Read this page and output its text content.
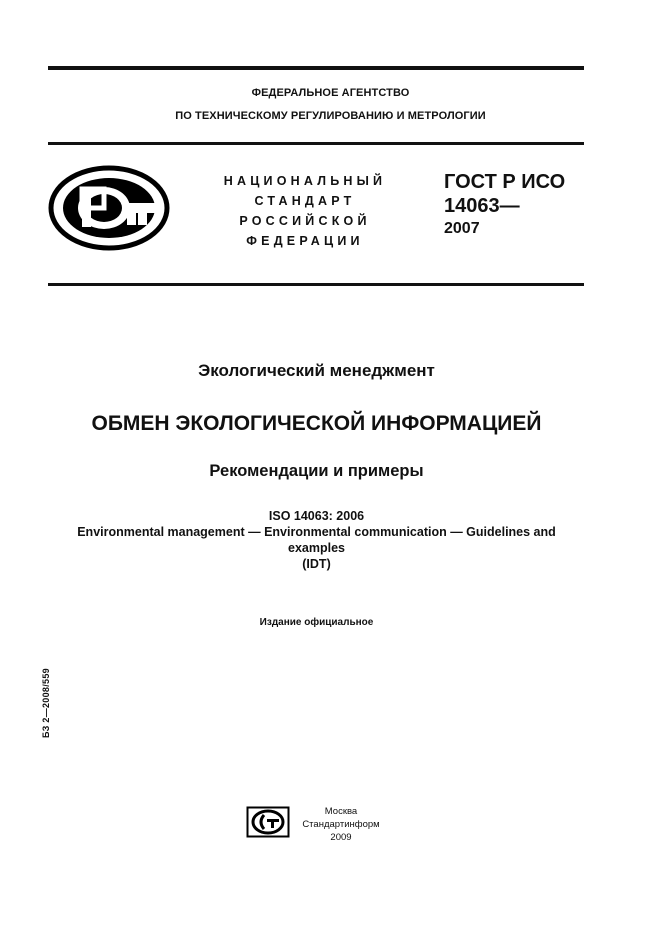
ФЕДЕРАЛЬНОЕ АГЕНТСТВО
ПО ТЕХНИЧЕСКОМУ РЕГУЛИРОВАНИЮ И МЕТРОЛОГИИ
НАЦИОНАЛЬНЫЙ
СТАНДАРТ
РОССИЙСКОЙ
ФЕДЕРАЦИИ
ГОСТ Р ИСО
14063—
2007
Экологический менеджмент
ОБМЕН ЭКОЛОГИЧЕСКОЙ ИНФОРМАЦИЕЙ
Рекомендации и примеры
ISO 14063: 2006
Environmental management — Environmental communication — Guidelines and
examples
(IDT)
Издание официальное
БЗ 2—2008/559
Москва
Стандартинформ
2009
